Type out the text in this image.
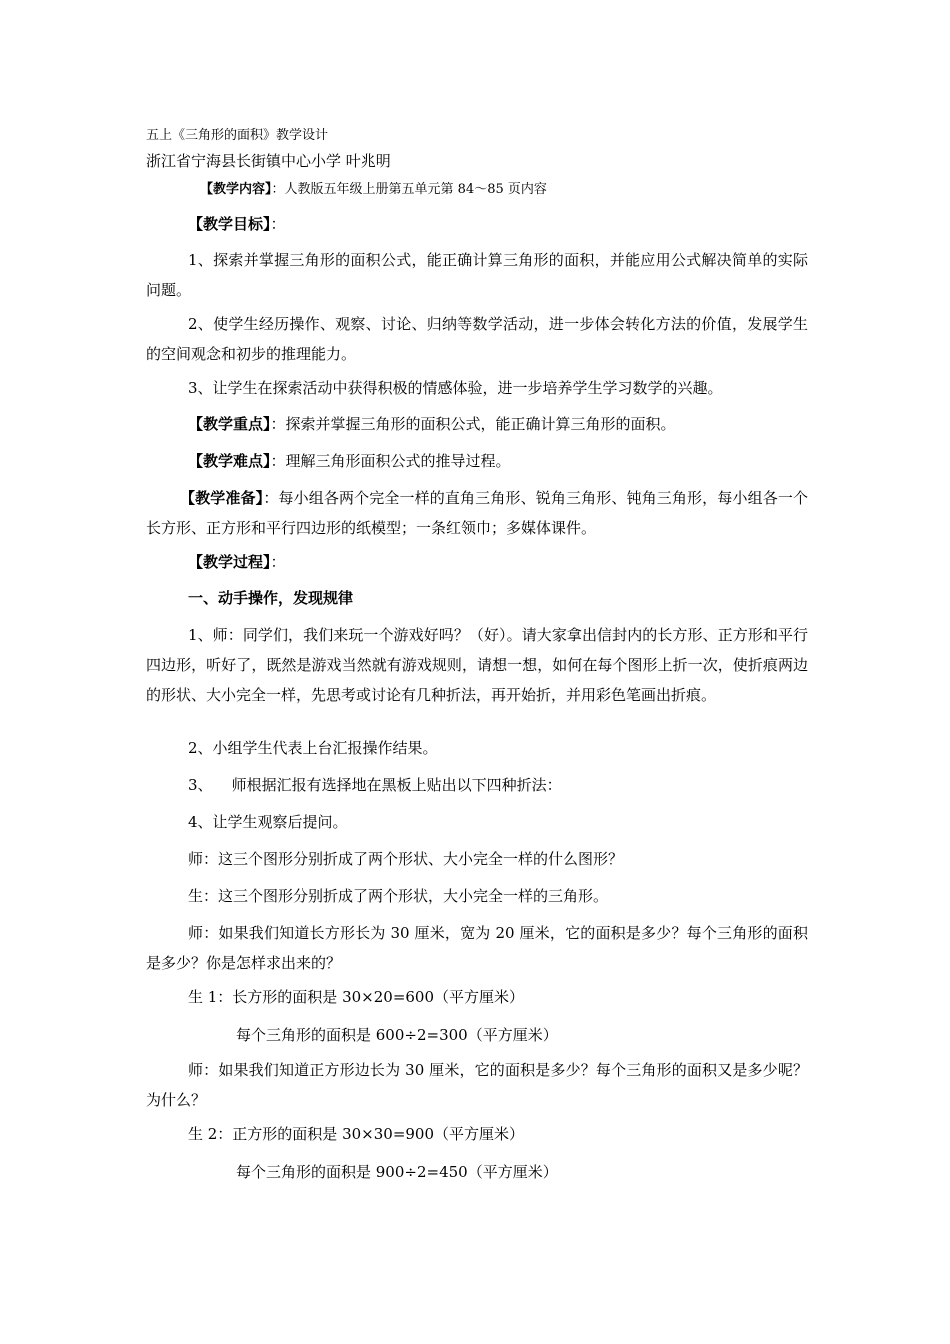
五上《三角形的面积》教学设计
浙江省宁海县长街镇中心小学 叶兆明
【教学内容】：人教版五年级上册第五单元第 84～85 页内容
【教学目标】：
1、探索并掌握三角形的面积公式，能正确计算三角形的面积，并能应用公式解决简单的实际问题。
2、使学生经历操作、观察、讨论、归纳等数学活动，进一步体会转化方法的价值，发展学生的空间观念和初步的推理能力。
3、让学生在探索活动中获得积极的情感体验，进一步培养学生学习数学的兴趣。
【教学重点】：探索并掌握三角形的面积公式，能正确计算三角形的面积。
【教学难点】：理解三角形面积公式的推导过程。
【教学准备】：每小组各两个完全一样的直角三角形、锐角三角形、钝角三角形，每小组各一个长方形、正方形和平行四边形的纸模型；一条红领巾；多媒体课件。
【教学过程】：
一、动手操作，发现规律
1、师：同学们，我们来玩一个游戏好吗？（好）。请大家拿出信封内的长方形、正方形和平行四边形，听好了，既然是游戏当然就有游戏规则，请想一想，如何在每个图形上折一次，使折痕两边的形状、大小完全一样，先思考或讨论有几种折法，再开始折，并用彩色笔画出折痕。
2、小组学生代表上台汇报操作结果。
3、    师根据汇报有选择地在黑板上贴出以下四种折法：
4、让学生观察后提问。
师：这三个图形分别折成了两个形状、大小完全一样的什么图形？
生：这三个图形分别折成了两个形状，大小完全一样的三角形。
师：如果我们知道长方形长为 30 厘米，宽为 20 厘米，它的面积是多少？每个三角形的面积是多少？你是怎样求出来的？
生 1：长方形的面积是 30×20=600（平方厘米）
每个三角形的面积是 600÷2=300（平方厘米）
师：如果我们知道正方形边长为 30 厘米，它的面积是多少？每个三角形的面积又是多少呢？为什么？
生 2：正方形的面积是 30×30=900（平方厘米）
每个三角形的面积是 900÷2=450（平方厘米）
